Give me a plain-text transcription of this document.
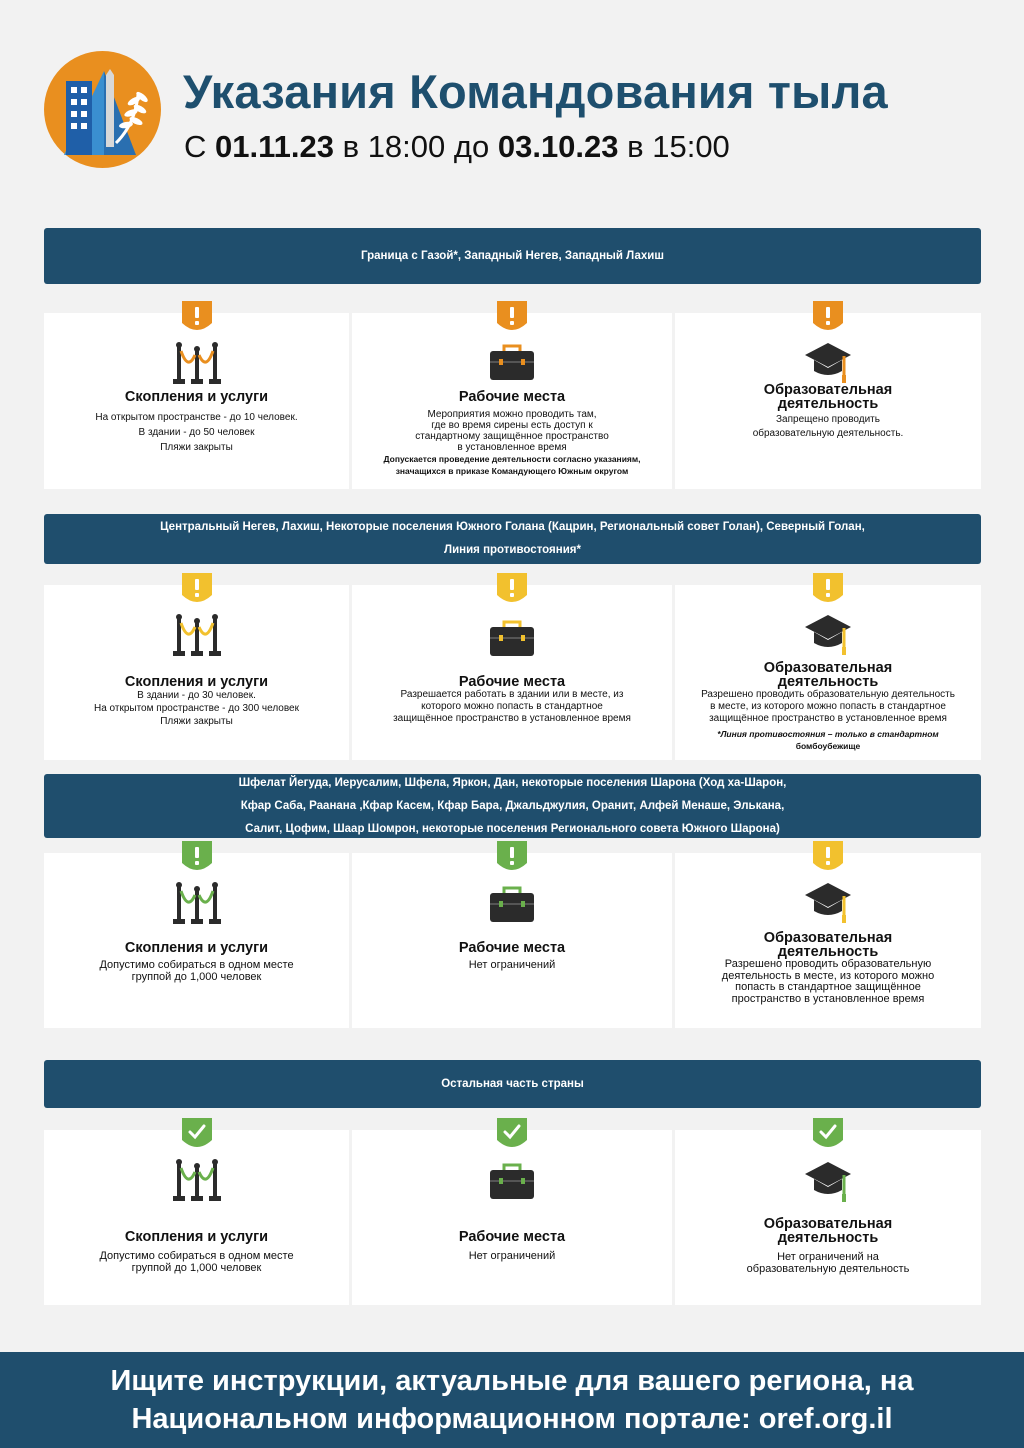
Указания Командования тыла
С 01.11.23 в 18:00 до 03.10.23 в 15:00
Граница с Газой*, Западный Негев, Западный Лахиш
Скопления и услуги
На открытом пространстве - до 10 человек.
В здании - до 50 человек
Пляжи закрыты
Рабочие места
Мероприятия можно проводить там,
где во время сирены есть доступ к
стандартному защищённое пространство
в установленное время
Допускается проведение деятельности согласно указаниям,
значащихся в приказе Командующего Южным округом
Образовательная
деятельность
Запрещено проводить
образовательную деятельность.
Центральный Негев, Лахиш, Некоторые поселения Южного Голана (Кацрин, Региональный совет Голан), Северный Голан,
Линия противостояния*
Скопления и услуги
В здании - до 30 человек.
На открытом пространстве - до 300 человек
Пляжи закрыты
Рабочие места
Разрешается работать в здании или в месте, из
которого можно попасть в стандартное
защищённое пространство в установленное время
Образовательная
деятельность
Разрешено проводить образовательную деятельность
в месте, из которого можно попасть в стандартное
защищённое пространство в установленное время
*Линия противостояния – только в стандартном
бомбоубежище
Шфелат Йегуда, Иерусалим, Шфела, Яркон, Дан, некоторые поселения Шарона (Ход ха-Шарон,
Кфар Саба, Раанана ,Кфар Касем, Кфар Бара, Джальджулия, Оранит, Алфей Менаше, Элькана,
Салит, Цофим, Шаар Шомрон, некоторые поселения Регионального совета Южного Шарона)
Скопления и услуги
Допустимо собираться в одном месте
группой до 1,000 человек
Рабочие места
Нет ограничений
Образовательная
деятельность
Разрешено проводить образовательную
деятельность в месте, из которого можно
попасть в стандартное защищённое
пространство в установленное время
Остальная часть страны
Скопления и услуги
Допустимо собираться в одном месте
группой до 1,000 человек
Рабочие места
Нет ограничений
Образовательная
деятельность
Нет ограничений на
образовательную деятельность
Ищите инструкции, актуальные для вашего региона, на
Национальном информационном портале: oref.org.il
